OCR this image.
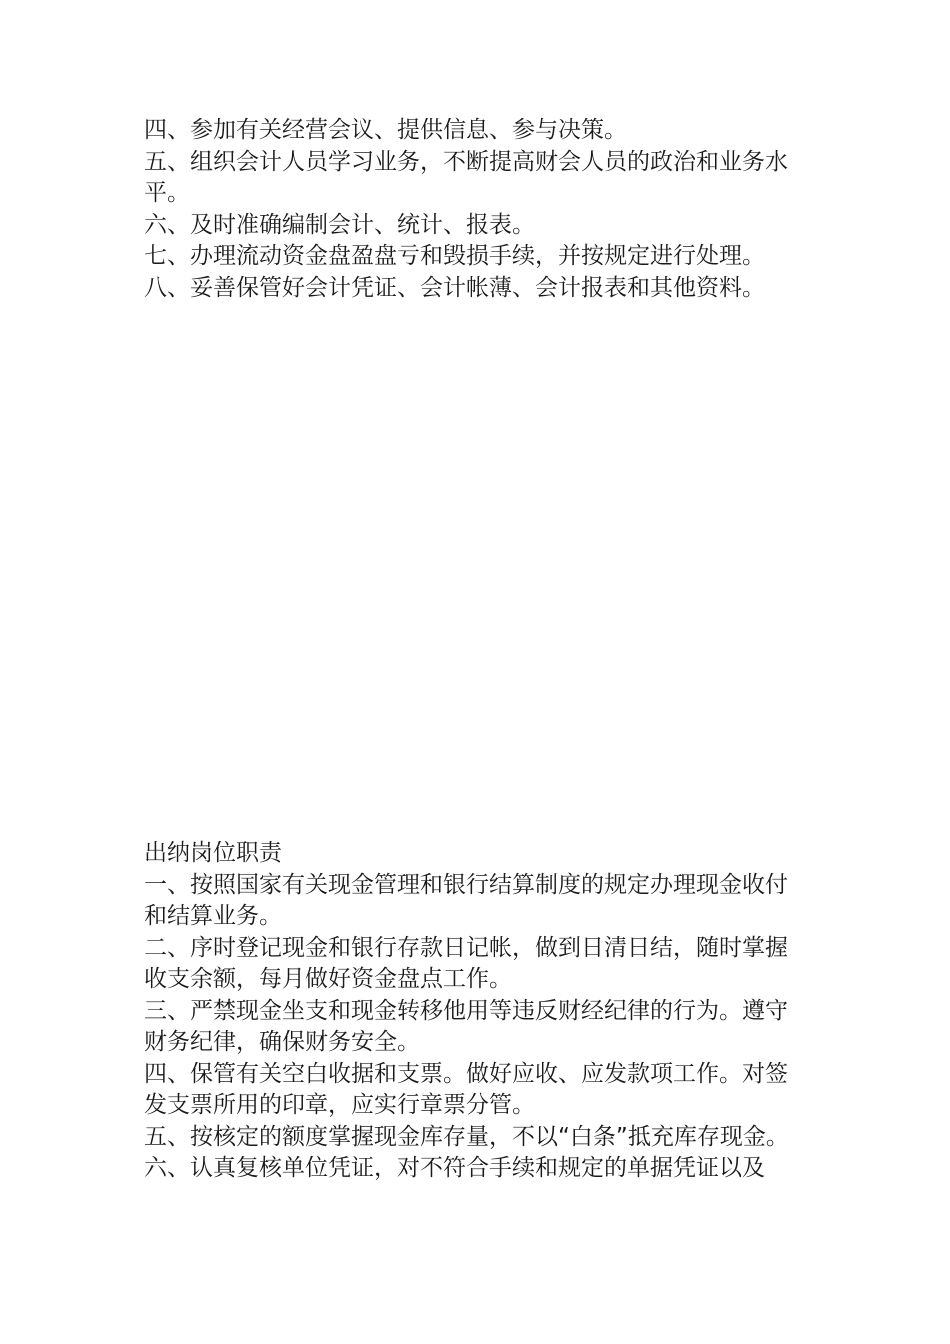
四、参加有关经营会议、提供信息、参与决策。

五、组织会计人员学习业务，不断提高财会人员的政治和业务水平。

六、及时准确编制会计、统计、报表。

七、办理流动资金盘盈盘亏和毁损手续，并按规定进行处理。

八、妥善保管好会计凭证、会计帐薄、会计报表和其他资料。

出纳岗位职责

一、按照国家有关现金管理和银行结算制度的规定办理现金收付和结算业务。

二、序时登记现金和银行存款日记帐，做到日清日结，随时掌握收支余额，每月做好资金盘点工作。

三、严禁现金坐支和现金转移他用等违反财经纪律的行为。遵守财务纪律，确保财务安全。

四、保管有关空白收据和支票。做好应收、应发款项工作。对签发支票所用的印章，应实行章票分管。

五、按核定的额度掌握现金库存量，不以“白条”抵充库存现金。

六、认真复核单位凭证，对不符合手续和规定的单据凭证以及
